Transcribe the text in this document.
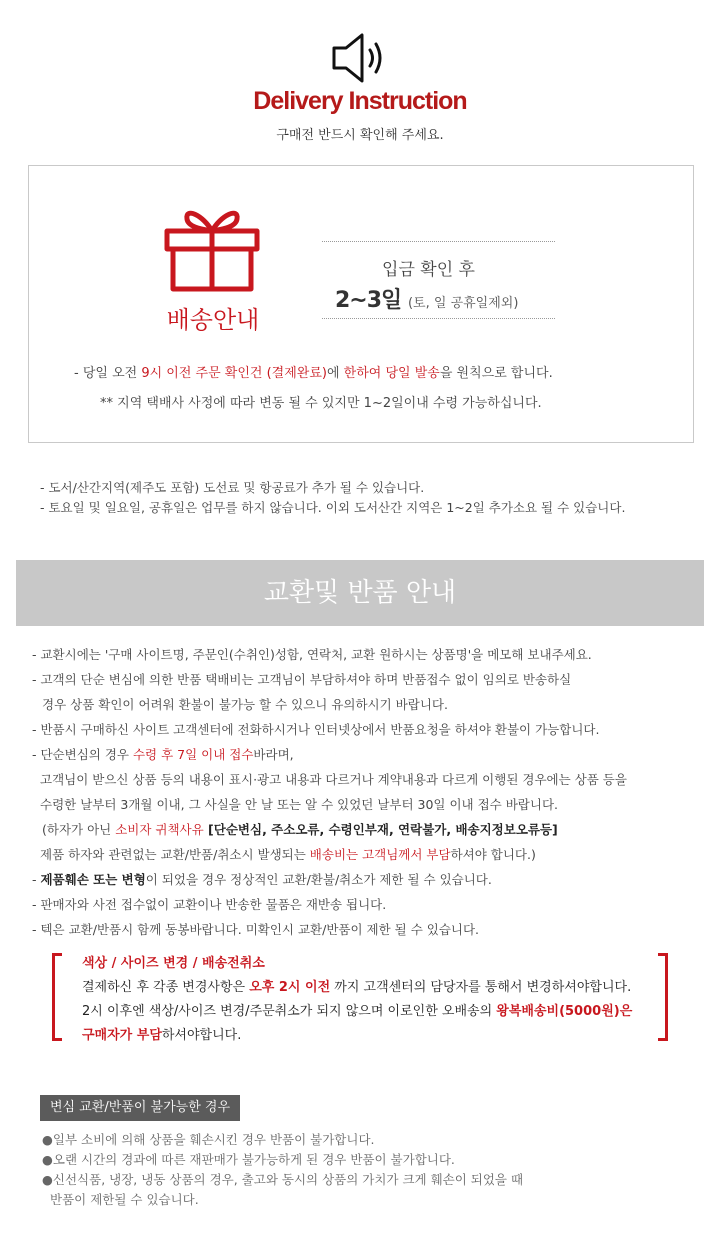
Delivery Instruction
구매전 반드시 확인해 주세요.
배송안내
입금 확인 후
2~3일 (토, 일 공휴일제외)
- 당일 오전 9시 이전 주문 확인건 (결제완료)에 한하여 당일 발송을 원칙으로 합니다.
** 지역 택배사 사정에 따라 변동 될 수 있지만 1~2일이내 수령 가능하십니다.
- 도서/산간지역(제주도 포함) 도선료 및 항공료가 추가 될 수 있습니다.
- 토요일 및 일요일, 공휴일은 업무를 하지 않습니다. 이외 도서산간 지역은 1~2일 추가소요 될 수 있습니다.
교환및 반품 안내
- 교환시에는 '구매 사이트명, 주문인(수취인)성함, 연락처, 교환 원하시는 상품명'을 메모해 보내주세요.
- 고객의 단순 변심에 의한 반품 택배비는 고객님이 부담하셔야 하며 반품접수 없이 임의로 반송하실
경우 상품 확인이 어려워 환불이 불가능 할 수 있으니 유의하시기 바랍니다.
- 반품시 구매하신 사이트 고객센터에 전화하시거나 인터넷상에서 반품요청을 하셔야 환불이 가능합니다.
- 단순변심의 경우 수령 후 7일 이내 접수바라며,
고객님이 받으신 상품 등의 내용이 표시·광고 내용과 다르거나 계약내용과 다르게 이행된 경우에는 상품 등을
수령한 날부터 3개월 이내, 그 사실을 안 날 또는 알 수 있었던 날부터 30일 이내 접수 바랍니다.
(하자가 아닌 소비자 귀책사유 [단순변심, 주소오류, 수령인부재, 연락불가, 배송지정보오류등]
제품 하자와 관련없는 교환/반품/취소시 발생되는 배송비는 고객님께서 부담하셔야 합니다.)
- 제품훼손 또는 변형이 되었을 경우 정상적인 교환/환불/취소가 제한 될 수 있습니다.
- 판매자와 사전 접수없이 교환이나 반송한 물품은 재반송 됩니다.
- 텍은 교환/반품시 함께 동봉바랍니다. 미확인시 교환/반품이 제한 될 수 있습니다.
색상 / 사이즈 변경 / 배송전취소
결제하신 후 각종 변경사항은 오후 2시 이전 까지 고객센터의 담당자를 통해서 변경하셔야합니다.
2시 이후엔 색상/사이즈 변경/주문취소가 되지 않으며 이로인한 오배송의 왕복배송비(5000원)은
구매자가 부담하셔야합니다.
변심 교환/반품이 불가능한 경우
●일부 소비에 의해 상품을 훼손시킨 경우 반품이 불가합니다.
●오랜 시간의 경과에 따른 재판매가 불가능하게 된 경우 반품이 불가합니다.
●신선식품, 냉장, 냉동 상품의 경우, 출고와 동시의 상품의 가치가 크게 훼손이 되었을 때
반품이 제한될 수 있습니다.
